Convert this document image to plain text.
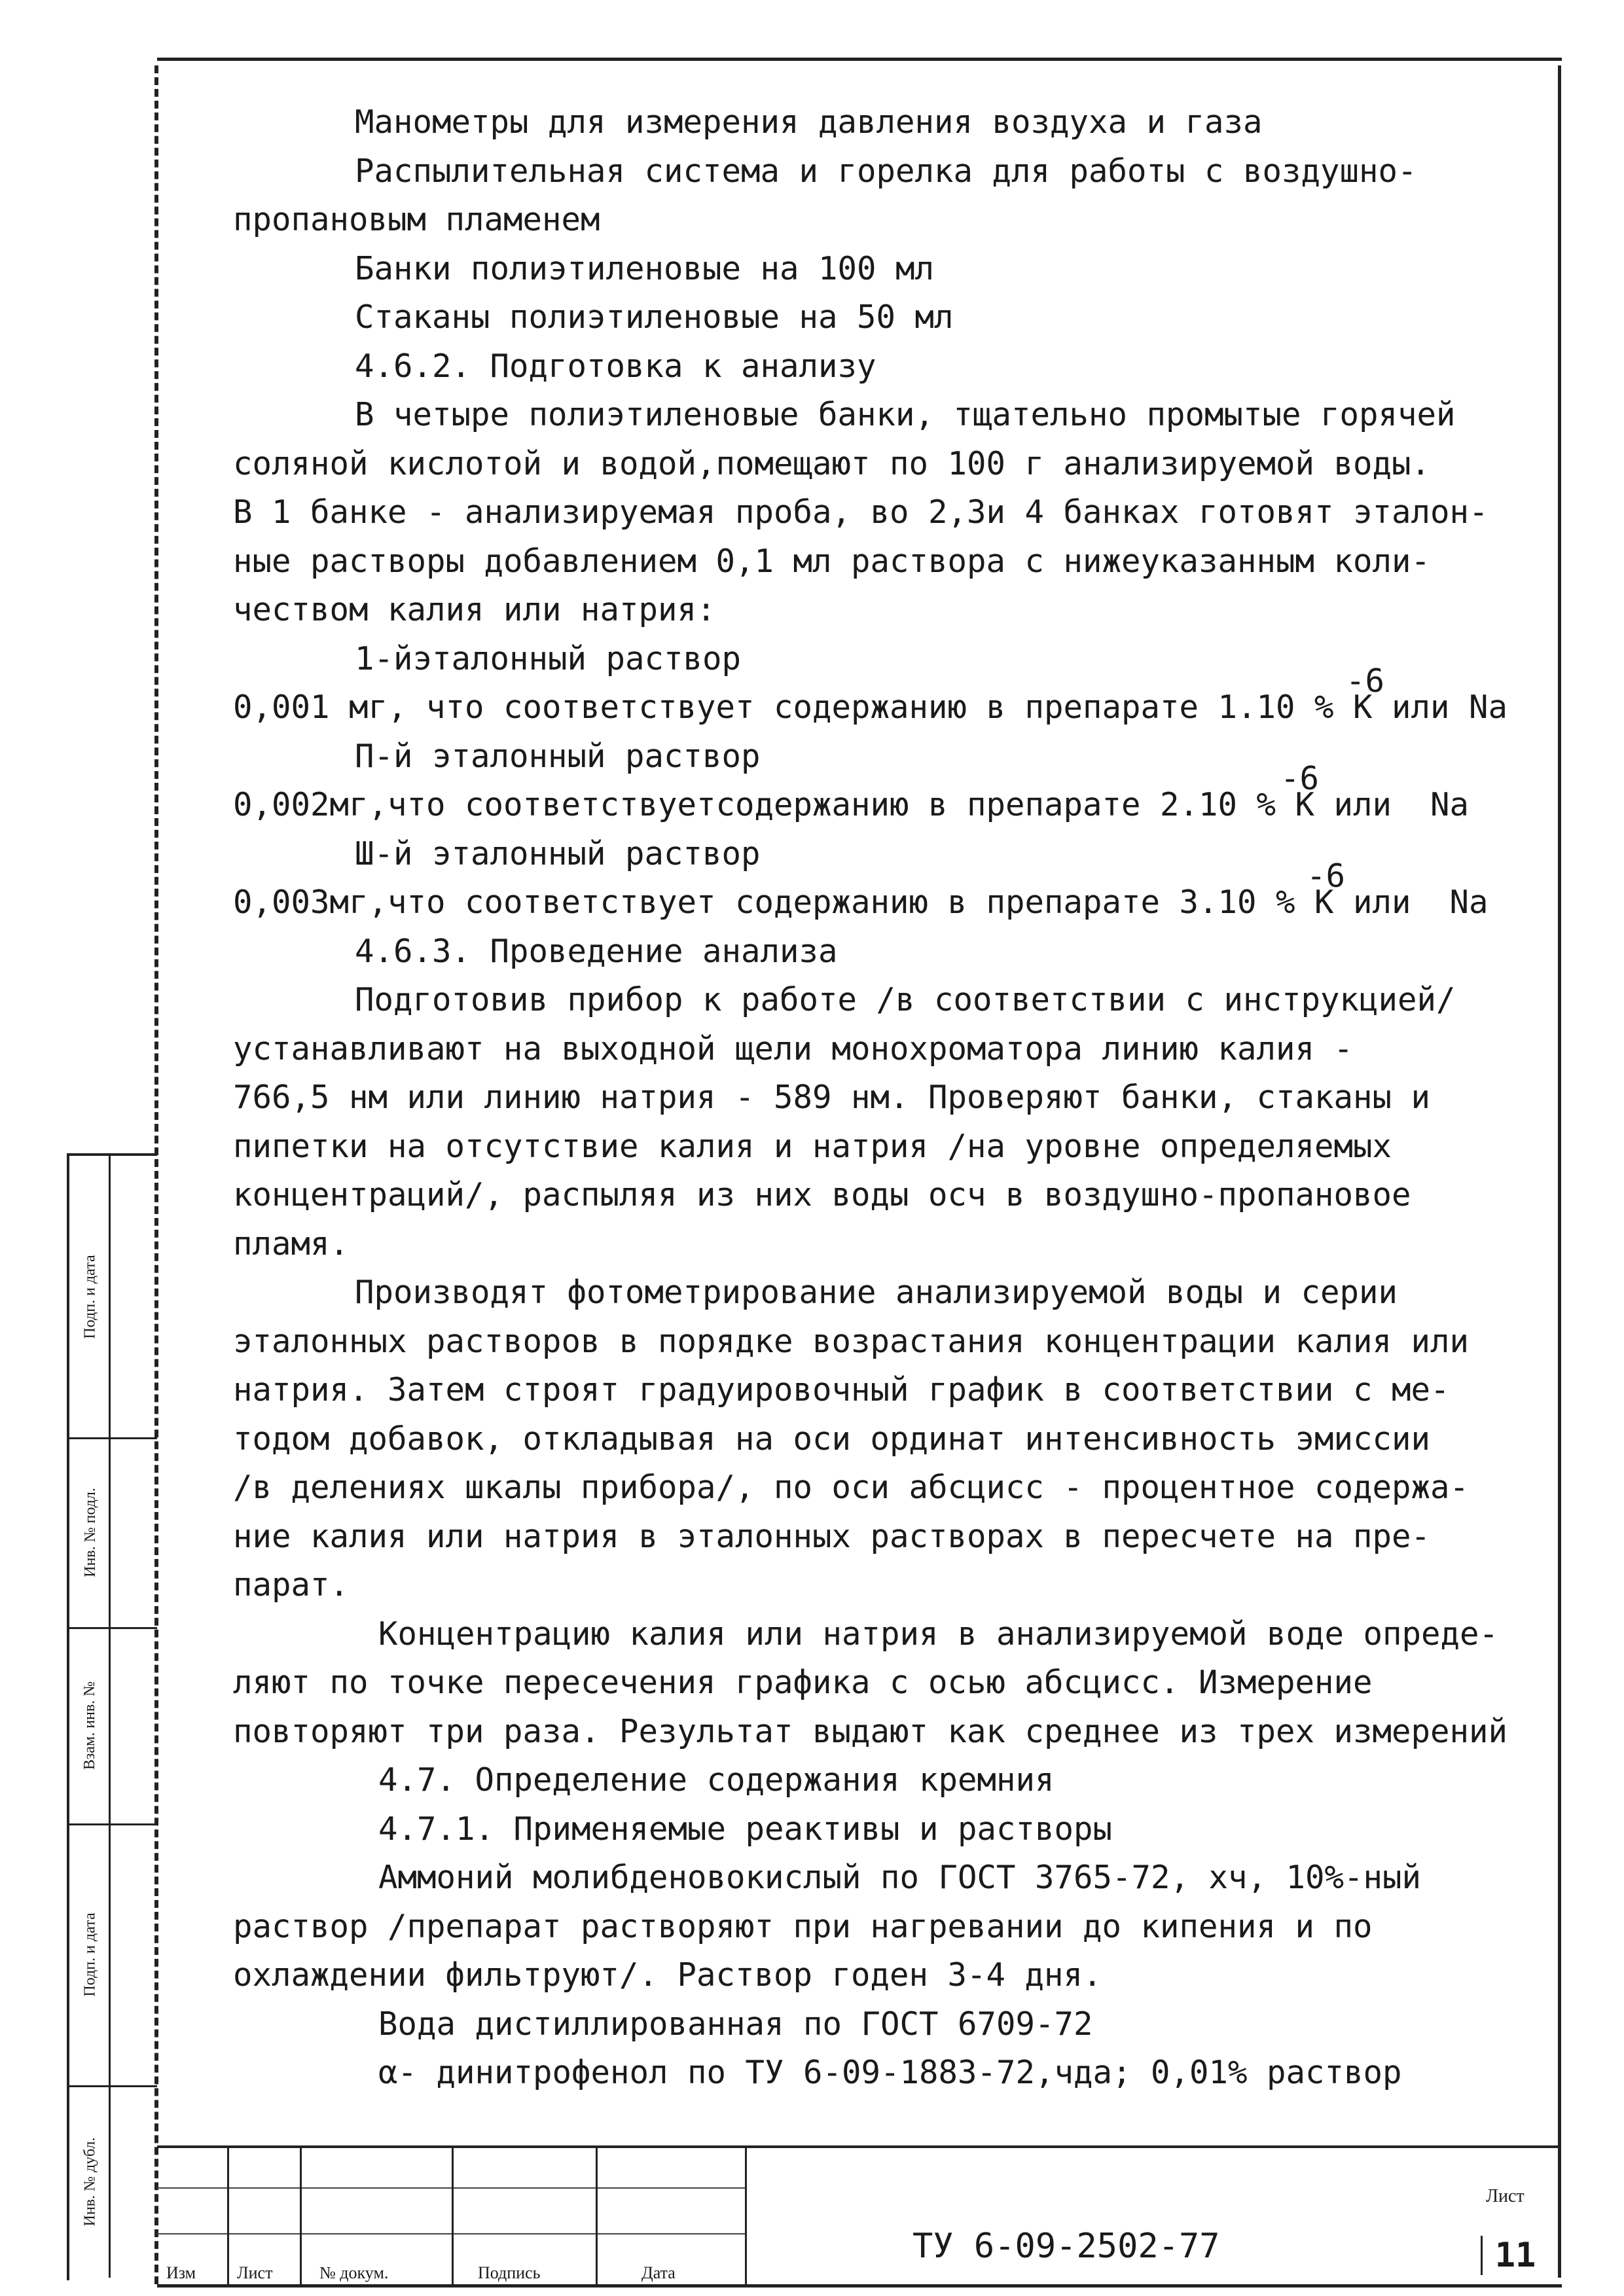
Манометры для измерения давления воздуха и газа
Распылительная система и горелка для работы с воздушно-
пропановым пламенем
Банки полиэтиленовые на 100 мл
Стаканы полиэтиленовые на 50 мл
4.6.2. Подготовка к анализу
В четыре полиэтиленовые банки, тщательно промытые горячей
соляной кислотой и водой,помещают по 100 г анализируемой воды.
В 1 банке - анализируемая проба, во 2,3и 4 банках готовят эталон-
ные растворы добавлением 0,1 мл раствора с нижеуказанным коли-
чеством калия или натрия:
1-йэталонный раствор
0,001 мг, что соответствует содержанию в препарате 1.10 % К или Na
-6
П-й эталонный раствор
0,002мг,что соответствуетсодержанию в препарате 2.10 % К или  Na
-6
Ш-й эталонный раствор
0,003мг,что соответствует содержанию в препарате 3.10 % К или  Na
-6
4.6.3. Проведение анализа
Подготовив прибор к работе /в соответствии с инструкцией/
устанавливают на выходной щели монохроматора линию калия -
766,5 нм или линию натрия - 589 нм. Проверяют банки, стаканы и
пипетки на отсутствие калия и натрия /на уровне определяемых
концентраций/, распыляя из них воды осч в воздушно-пропановое
пламя.
Производят фотометрирование анализируемой воды и серии
эталонных растворов в порядке возрастания концентрации калия или
натрия. Затем строят градуировочный график в соответствии с ме-
тодом добавок, откладывая на оси ординат интенсивность эмиссии
/в делениях шкалы прибора/, по оси абсцисс - процентное содержа-
ние калия или натрия в эталонных растворах в пересчете на пре-
парат.
Концентрацию калия или натрия в анализируемой воде опреде-
ляют по точке пересечения графика с осью абсцисс. Измерение
повторяют три раза. Результат выдают как среднее из трех измерений
4.7. Определение содержания кремния
4.7.1. Применяемые реактивы и растворы
Аммоний молибденовокислый по ГОСТ 3765-72, хч, 10%-ный
раствор /препарат растворяют при нагревании до кипения и по
охлаждении фильтруют/. Раствор годен 3-4 дня.
Вода дистиллированная по ГОСТ 6709-72
α- динитрофенол по ТУ 6-09-1883-72,чда; 0,01% раствор
Подп. и дата
Инв. № подл.
Взам. инв. №
Подп. и дата
Инв. № дубл.
Изм Лист	№ докум.	Подпись	Дата
ТУ 6-09-2502-77
Лист
11
